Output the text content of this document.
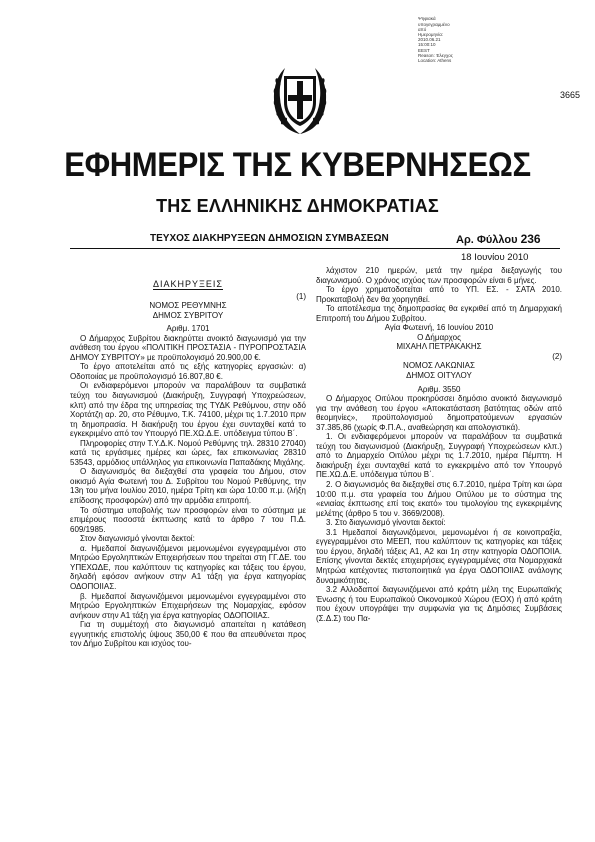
Ψηφιακά
υπογεγραμμένο
από
Ημερομηνία:
2010.06.21
15:00:10
EEST
Reason: Έλεγχος
Location: Athens

3665
ΕΦΗΜΕΡΙΣ ΤΗΣ ΚΥΒΕΡΝΗΣΕΩΣ
ΤΗΣ ΕΛΛΗΝΙΚΗΣ ΔΗΜΟΚΡΑΤΙΑΣ
ΤΕΥΧΟΣ ΔΙΑΚΗΡΥΞΕΩΝ ΔΗΜΟΣΙΩΝ ΣΥΜΒΑΣΕΩΝ	Αρ. Φύλλου 236
18 Ιουνίου 2010
ΔΙΑΚΗΡΥΞΕΙΣ

(1)

ΝΟΜΟΣ ΡΕΘΥΜΝΗΣ

ΔΗΜΟΣ ΣΥΒΡΙΤΟΥ

Αριθμ. 1701

Ο Δήμαρχος Συβρίτου διακηρύττει ανοικτό διαγωνισμό για την ανάθεση του έργου «ΠΟΛΙΤΙΚΗ ΠΡΟΣΤΑΣΙΑ - ΠΥΡΟΠΡΟΣΤΑΣΙΑ ΔΗΜΟΥ ΣΥΒΡΙΤΟΥ» με προϋπολογισμό 20.900,00 €.

Το έργο αποτελείται από τις εξής κατηγορίες εργασιών: α) Οδοποιίας με προϋπολογισμό 16.807,80 €.

Οι ενδιαφερόμενοι μπορούν να παραλάβουν τα συμβατικά τεύχη του διαγωνισμού (Διακήρυξη, Συγγραφή Υποχρεώσεων, κλπ) από την έδρα της υπηρεσίας της ΤΥΔΚ Ρεθύμνου, στην οδό Χορτάτζη αρ. 20, στο Ρέθυμνο, Τ.Κ. 74100, μέχρι τις 1.7.2010 πριν τη δημοπρασία. Η διακήρυξη του έργου έχει συνταχθεί κατά το εγκεκριμένο από τον Υπουργό ΠΕ.ΧΩ.Δ.Ε. υπόδειγμα τύπου Β΄.

Πληροφορίες στην Τ.Υ.Δ.Κ. Νομού Ρεθύμνης τηλ. 28310 27040) κατά τις εργάσιμες ημέρες και ώρες, fax επικοινωνίας 28310 53543, αρμόδιος υπάλληλος για επικοινωνία Παπαδάκης Μιχάλης.

Ο διαγωνισμός θα διεξαχθεί στα γραφεία του Δήμου, στον οικισμό Αγία Φωτεινή του Δ. Συβρίτου του Νομού Ρεθύμνης, την 13η του μήνα Ιουλίου 2010, ημέρα Τρίτη και ώρα 10:00 π.μ. (λήξη επίδοσης προσφορών) από την αρμόδια επιτροπή.

Το σύστημα υποβολής των προσφορών είναι το σύστημα με επιμέρους ποσοστά έκπτωσης κατά το άρθρο 7 του Π.Δ. 609/1985.

Στον διαγωνισμό γίνονται δεκτοί:

α. Ημεδαποί διαγωνιζόμενοι μεμονωμένοι εγγεγραμμένοι στο Μητρώο Εργοληπτικών Επιχειρήσεων που τηρείται στη ΓΓ.ΔΕ. του ΥΠΕΧΩΔΕ, που καλύπτουν τις κατηγορίες και τάξεις του έργου, δηλαδή εφόσον ανήκουν στην Α1 τάξη για έργα κατηγορίας ΟΔΟΠΟΙΙΑΣ.

β. Ημεδαποί διαγωνιζόμενοι μεμονωμένοι εγγεγραμμένοι στο Μητρώο Εργοληπτικών Επιχειρήσεων της Νομαρχίας, εφόσον ανήκουν στην Α1 τάξη για έργα κατηγορίας ΟΔΟΠΟΙΙΑΣ.

Για τη συμμέτοχή στο διαγωνισμό απαιτείται η κατάθεση εγγυητικής επιστολής ύψους 350,00 € που θα απευθύνεται προς τον Δήμο Συβρίτου και ισχύος του-

λάχιστον 210 ημερών, μετά την ημέρα διεξαγωγής του διαγωνισμού. Ο χρόνος ισχύος των προσφορών είναι 6 μήνες.

Το έργο χρηματοδοτείται από το ΥΠ. ΕΣ. - ΣΑΤΑ 2010. Προκαταβολή δεν θα χορηγηθεί.

Το αποτέλεσμα της δημοπρασίας θα εγκριθεί από τη Δημαρχιακή Επιτροπή του Δήμου Συβρίτου.

Αγία Φωτεινή, 16 Ιουνίου 2010

Ο Δήμαρχος

ΜΙΧΑΗΛ ΠΕΤΡΑΚΑΚΗΣ

(2)

ΝΟΜΟΣ ΛΑΚΩΝΙΑΣ

ΔΗΜΟΣ ΟΙΤΥΛΟΥ

Αριθμ. 3550

Ο Δήμαρχος Οιτύλου προκηρύσσει δημόσιο ανοικτό διαγωνισμό για την ανάθεση του έργου «Αποκατάσταση βατότητας οδών από θεομηνίες», προϋπολογισμού δημοπρατούμενων εργασιών 37.385,86 (χωρίς Φ.Π.Α., αναθεώρηση και απολογιστικά).

1. Οι ενδιαφερόμενοι μπορούν να παραλάβουν τα συμβατικά τεύχη του διαγωνισμού (Διακήρυξη, Συγγραφή Υποχρεώσεων κλπ.) από το Δημαρχείο Οιτύλου μέχρι τις 1.7.2010, ημέρα Πέμπτη. Η διακήρυξη έχει συνταχθεί κατά το εγκεκριμένο από τον Υπουργό ΠΕ.ΧΩ.Δ.Ε. υπόδειγμα τύπου Β΄.

2. Ο διαγωνισμός θα διεξαχθεί στις 6.7.2010, ημέρα Τρίτη και ώρα 10:00 π.μ. στα γραφεία του Δήμου Οιτύλου με το σύστημα της «ενιαίας έκπτωσης επί τοις εκατό» του τιμολογίου της εγκεκριμένης μελέτης (άρθρο 5 του ν. 3669/2008).

3. Στο διαγωνισμό γίνονται δεκτοί:

3.1 Ημεδαποί διαγωνιζόμενοι, μεμονωμένοι ή σε κοινοπραξία, εγγεγραμμένοι στο ΜΕΕΠ, που καλύπτουν τις κατηγορίες και τάξεις του έργου, δηλαδή τάξεις Α1, Α2 και 1η στην κατηγορία ΟΔΟΠΟΙΙΑ. Επίσης γίνονται δεκτές επιχειρήσεις εγγεγραμμένες στα Νομαρχιακά Μητρώα κατέχοντες πιστοποιητικά για έργα ΟΔΟΠΟΙΙΑΣ ανάλογης δυναμικότητας.

3.2 Αλλοδαποί διαγωνιζόμενοι από κράτη μέλη της Ευρωπαϊκής Ένωσης ή του Ευρωπαϊκού Οικονομικού Χώρου (ΕΟΧ) ή από κράτη που έχουν υπογράψει την συμφωνία για τις Δημόσιες Συμβάσεις (Σ.Δ.Σ) του Πα-
